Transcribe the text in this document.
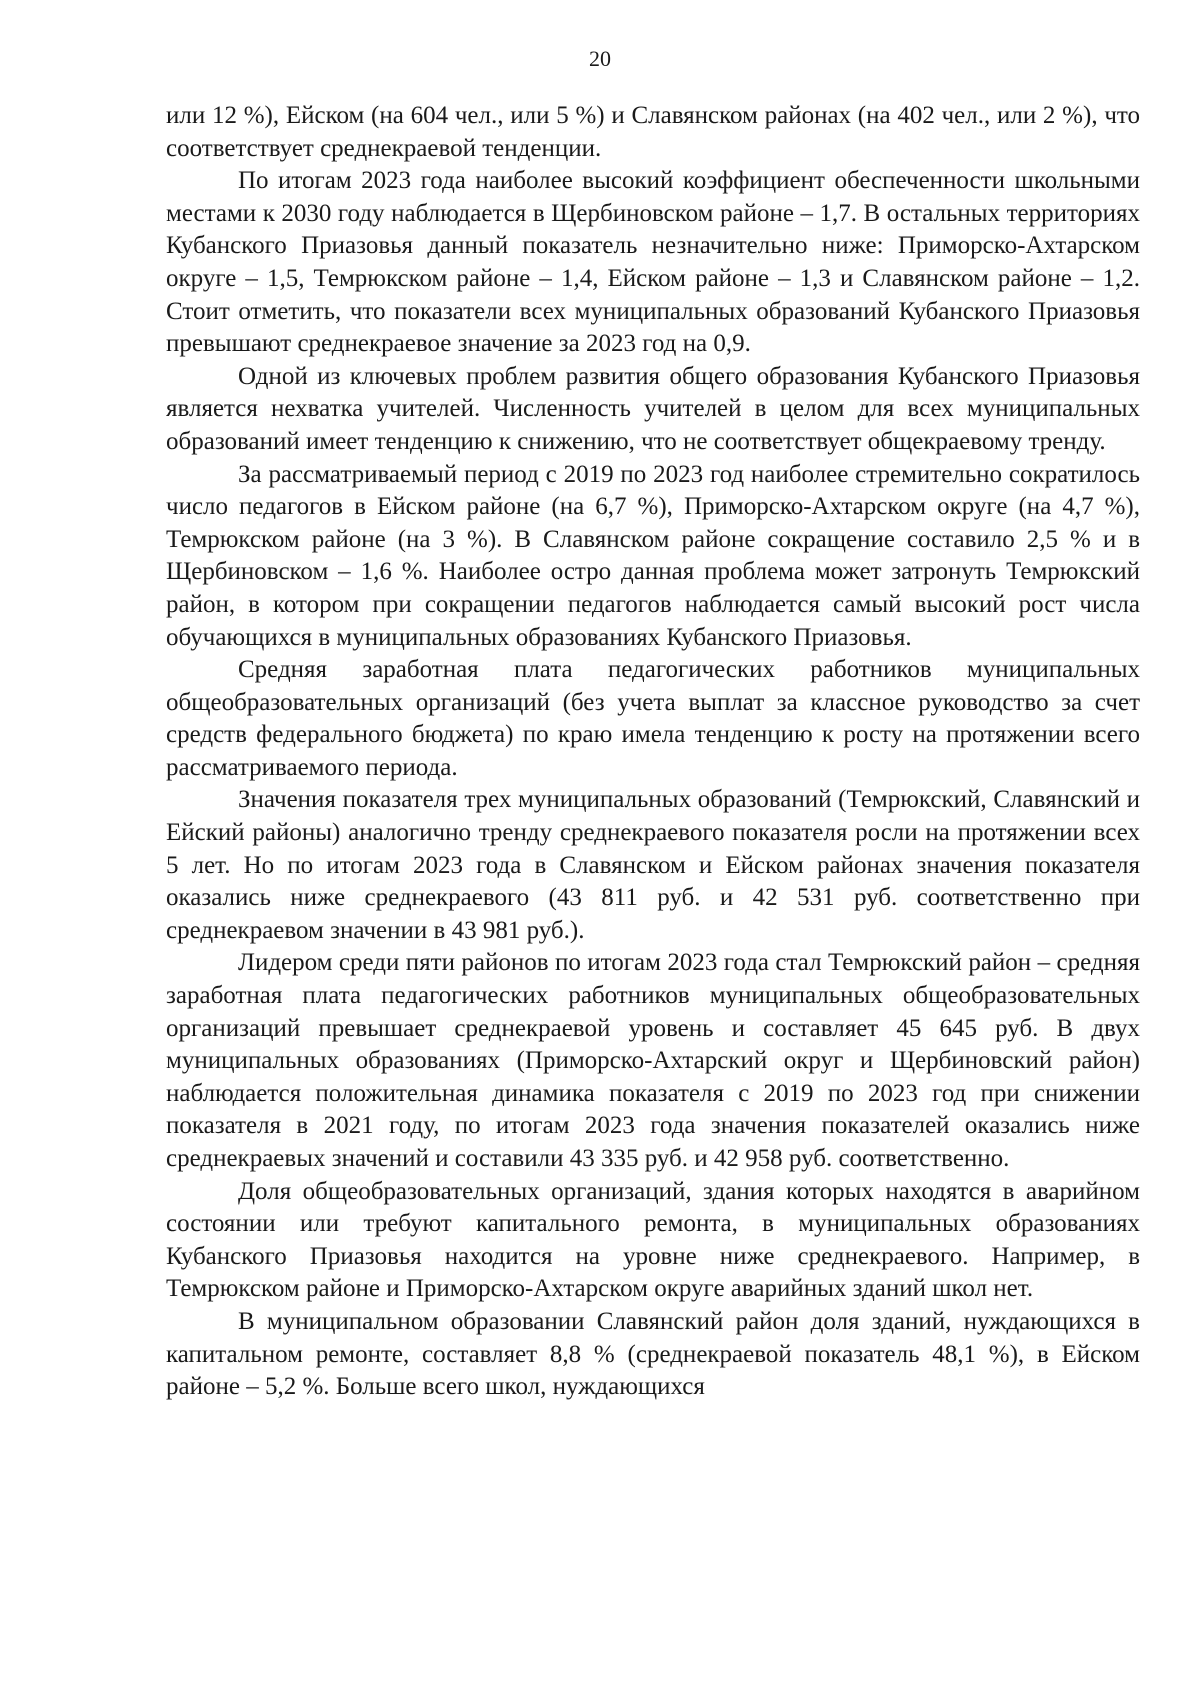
20

или 12 %), Ейском (на 604 чел., или 5 %) и Славянском районах (на 402 чел., или 2 %), что соответствует среднекраевой тенденции.

По итогам 2023 года наиболее высокий коэффициент обеспеченности школьными местами к 2030 году наблюдается в Щербиновском районе – 1,7. В остальных территориях Кубанского Приазовья данный показатель незначительно ниже: Приморско-Ахтарском округе – 1,5, Темрюкском районе – 1,4, Ейском районе – 1,3 и Славянском районе – 1,2. Стоит отметить, что показатели всех муниципальных образований Кубанского Приазовья превышают среднекраевое значение за 2023 год на 0,9.

Одной из ключевых проблем развития общего образования Кубанского Приазовья является нехватка учителей. Численность учителей в целом для всех муниципальных образований имеет тенденцию к снижению, что не соответствует общекраевому тренду.

За рассматриваемый период с 2019 по 2023 год наиболее стремительно сократилось число педагогов в Ейском районе (на 6,7 %), Приморско-Ахтарском округе (на 4,7 %), Темрюкском районе (на 3 %). В Славянском районе сокращение составило 2,5 % и в Щербиновском – 1,6 %. Наиболее остро данная проблема может затронуть Темрюкский район, в котором при сокращении педагогов наблюдается самый высокий рост числа обучающихся в муниципальных образованиях Кубанского Приазовья.

Средняя заработная плата педагогических работников муниципальных общеобразовательных организаций (без учета выплат за классное руководство за счет средств федерального бюджета) по краю имела тенденцию к росту на протяжении всего рассматриваемого периода.

Значения показателя трех муниципальных образований (Темрюкский, Славянский и Ейский районы) аналогично тренду среднекраевого показателя росли на протяжении всех 5 лет. Но по итогам 2023 года в Славянском и Ейском районах значения показателя оказались ниже среднекраевого (43 811 руб. и 42 531 руб. соответственно при среднекраевом значении в 43 981 руб.).

Лидером среди пяти районов по итогам 2023 года стал Темрюкский район – средняя заработная плата педагогических работников муниципальных общеобразовательных организаций превышает среднекраевой уровень и составляет 45 645 руб. В двух муниципальных образованиях (Приморско-Ахтарский округ и Щербиновский район) наблюдается положительная динамика показателя с 2019 по 2023 год при снижении показателя в 2021 году, по итогам 2023 года значения показателей оказались ниже среднекраевых значений и составили 43 335 руб. и 42 958 руб. соответственно.

Доля общеобразовательных организаций, здания которых находятся в аварийном состоянии или требуют капитального ремонта, в муниципальных образованиях Кубанского Приазовья находится на уровне ниже среднекраевого. Например, в Темрюкском районе и Приморско-Ахтарском округе аварийных зданий школ нет.

В муниципальном образовании Славянский район доля зданий, нуждающихся в капитальном ремонте, составляет 8,8 % (среднекраевой показатель 48,1 %), в Ейском районе – 5,2 %. Больше всего школ, нуждающихся
